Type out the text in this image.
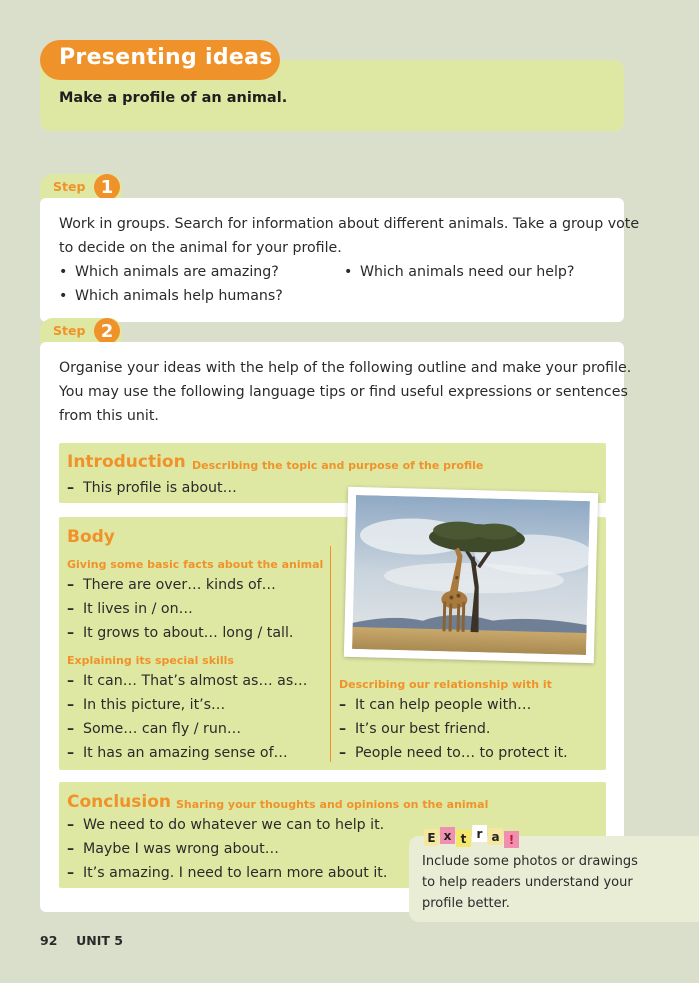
Presenting ideas
Make a profile of an animal.
Step 1
Work in groups. Search for information about different animals. Take a group vote
to decide on the animal for your profile.
• Which animals are amazing?	• Which animals need our help?
• Which animals help humans?
Step 2
Organise your ideas with the help of the following outline and make your profile.
You may use the following language tips or find useful expressions or sentences
from this unit.
Introduction Describing the topic and purpose of the profile
– This profile is about…
Body
Giving some basic facts about the animal
– There are over… kinds of…
– It lives in / on…
– It grows to about… long / tall.
Explaining its special skills
– It can… That’s almost as… as…
– In this picture, it’s…
– Some… can fly / run…
– It has an amazing sense of…
Describing our relationship with it
– It can help people with…
– It’s our best friend.
– People need to… to protect it.
Conclusion Sharing your thoughts and opinions on the animal
– We need to do whatever we can to help it.
– Maybe I was wrong about…
– It’s amazing. I need to learn more about it.
E x t r a !
Include some photos or drawings
to help readers understand your
profile better.
92 UNIT 5
